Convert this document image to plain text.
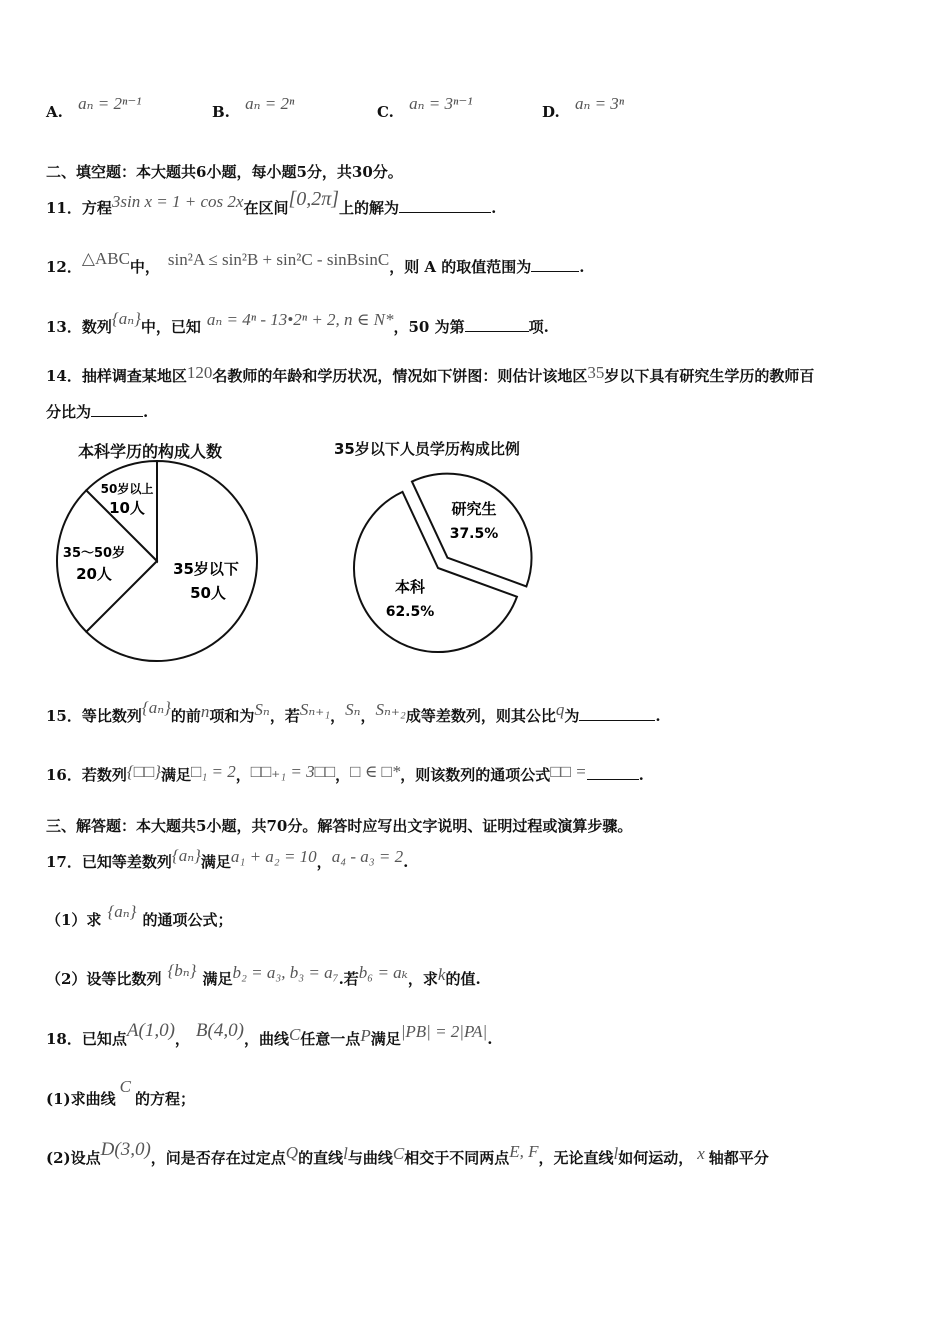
A. aₙ = 2ⁿ⁻¹	B. aₙ = 2ⁿ	C. aₙ = 3ⁿ⁻¹	D. aₙ = 3ⁿ
二、填空题：本大题共6小题，每小题5分，共30分。
11．方程3sin x = 1 + cos 2x在区间[0,2π]上的解为	.
12．△ABC中， sin²A ≤ sin²B + sin²C - sinBsinC，则 A 的取值范围为	.
13．数列{aₙ}中，已知 aₙ = 4ⁿ - 13•2ⁿ + 2, n ∈ N*，50 为第	项.
14．抽样调查某地区120名教师的年龄和学历状况，情况如下饼图：则估计该地区35岁以下具有研究生学历的教师百
分比为	.
本科学历的构成人数	35岁以下人员学历构成比例
50岁以上
10人
35～50岁
20人	35岁以下
50人
研究生
37.5%
本科
62.5%
15．等比数列{aₙ}的前n项和为Sₙ，若Sₙ₊₁，Sₙ，Sₙ₊₂成等差数列，则其公比q为	.
16．若数列{□□}满足□₁ = 2，□□₊₁ = 3□□，□ ∈ □*，则该数列的通项公式□□ =	.
三、解答题：本大题共5小题，共70分。解答时应写出文字说明、证明过程或演算步骤。
17．已知等差数列{aₙ}满足a₁ + a₂ = 10，a₄ - a₃ = 2.
（1）求 {aₙ} 的通项公式；
（2）设等比数列 {bₙ} 满足b₂ = a₃, b₃ = a₇.若b₆ = aₖ，求k的值.
18．已知点A(1,0)， B(4,0)，曲线C任意一点P满足|PB| = 2|PA|.
(1)求曲线C的方程；
(2)设点D(3,0)，问是否存在过定点Q的直线l与曲线C相交于不同两点E, F，无论直线l如何运动， x 轴都平分
